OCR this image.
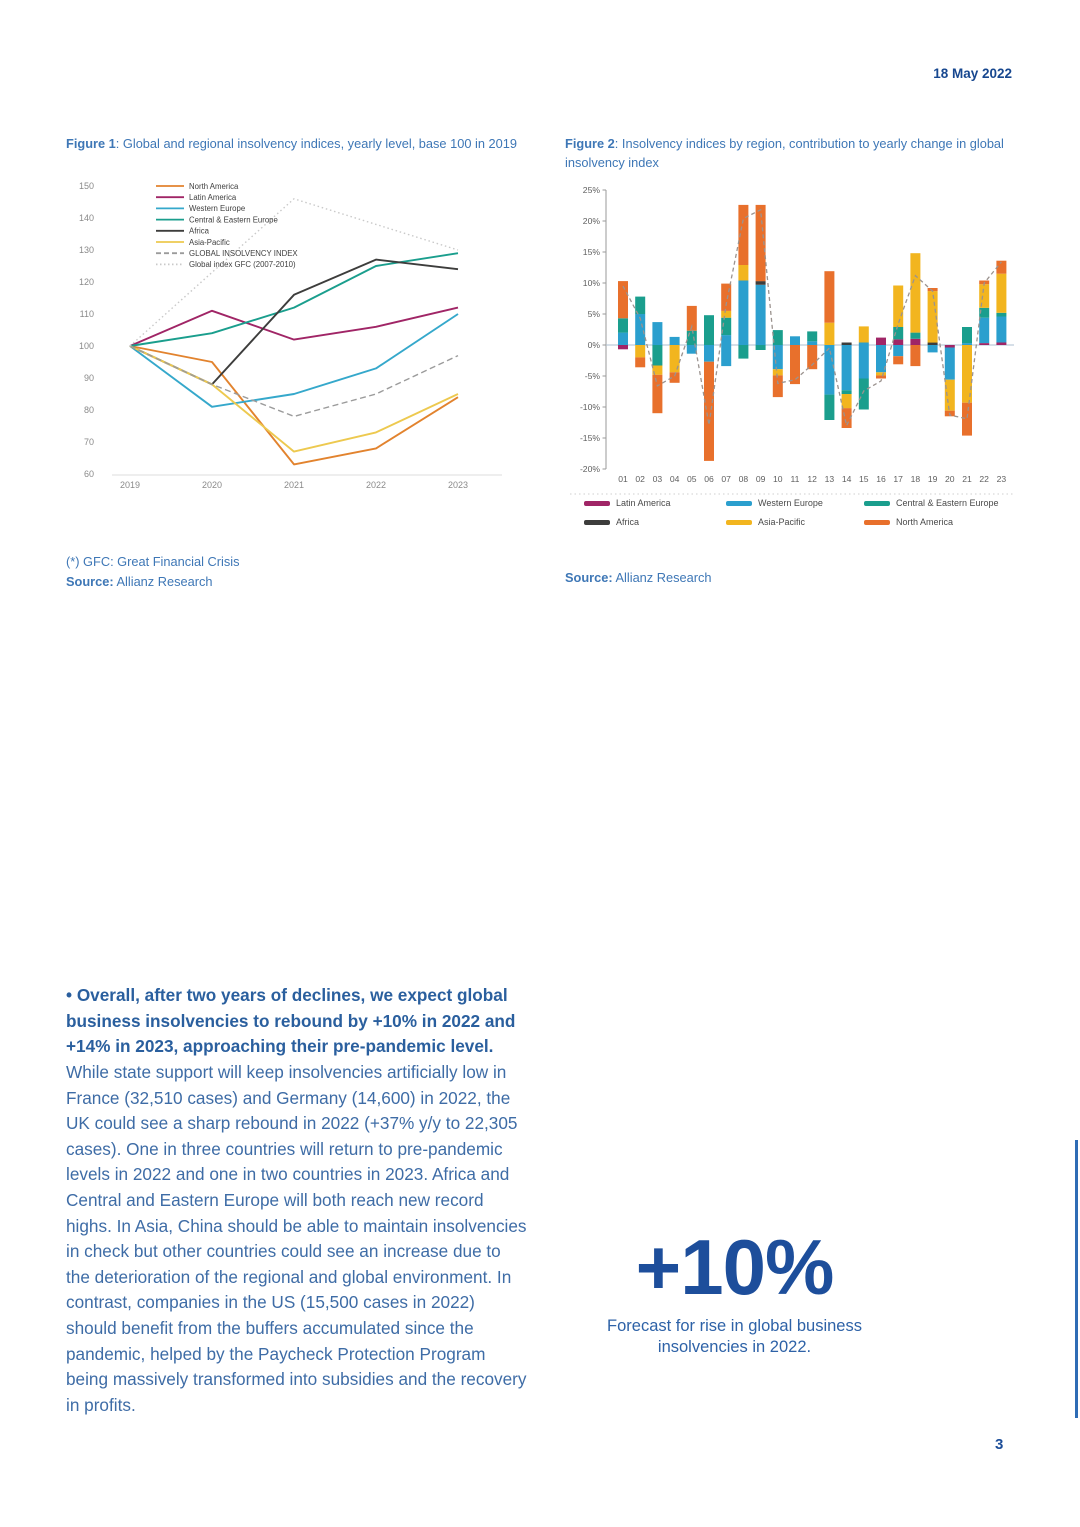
18 May 2022
Figure 1: Global and regional insolvency indices, yearly level, base 100 in 2019	Figure 2: Insolvency indices by region, contribution to yearly change in global insolvency index
150
140
130
120
110
100
90
80
70
60
2019	2020	2021	2022	2023
North America
Latin America
Western Europe
Central & Eastern Europe
Africa
Asia-Pacific
GLOBAL INSOLVENCY INDEX
Global index GFC (2007-2010)
25%
20%
15%
10%
5%
0%
-5%
-10%
-15%
-20%
01 02 03 04 05 06 07 08 09 10 11 12 13 14 15 16 17 18 19 20 21 22 23
Latin America	Western Europe	Central & Eastern Europe
Africa	Asia-Pacific	North America
(*) GFC: Great Financial Crisis
Source: Allianz Research	Source: Allianz Research

• Overall, after two years of declines, we expect global business insolvencies to rebound by +10% in 2022 and +14% in 2023, approaching their pre-pandemic level. While state support will keep insolvencies artificially low in France (32,510 cases) and Germany (14,600) in 2022, the UK could see a sharp rebound in 2022 (+37% y/y to 22,305 cases). One in three countries will return to pre-pandemic levels in 2022 and one in two countries in 2023. Africa and Central and Eastern Europe will both reach new record highs. In Asia, China should be able to maintain insolvencies in check but other countries could see an increase due to the deterioration of the regional and global environment. In contrast, companies in the US (15,500 cases in 2022) should benefit from the buffers accumulated since the pandemic, helped by the Paycheck Protection Program being massively transformed into subsidies and the recovery in profits.

+10%
Forecast for rise in global business insolvencies in 2022.
3
